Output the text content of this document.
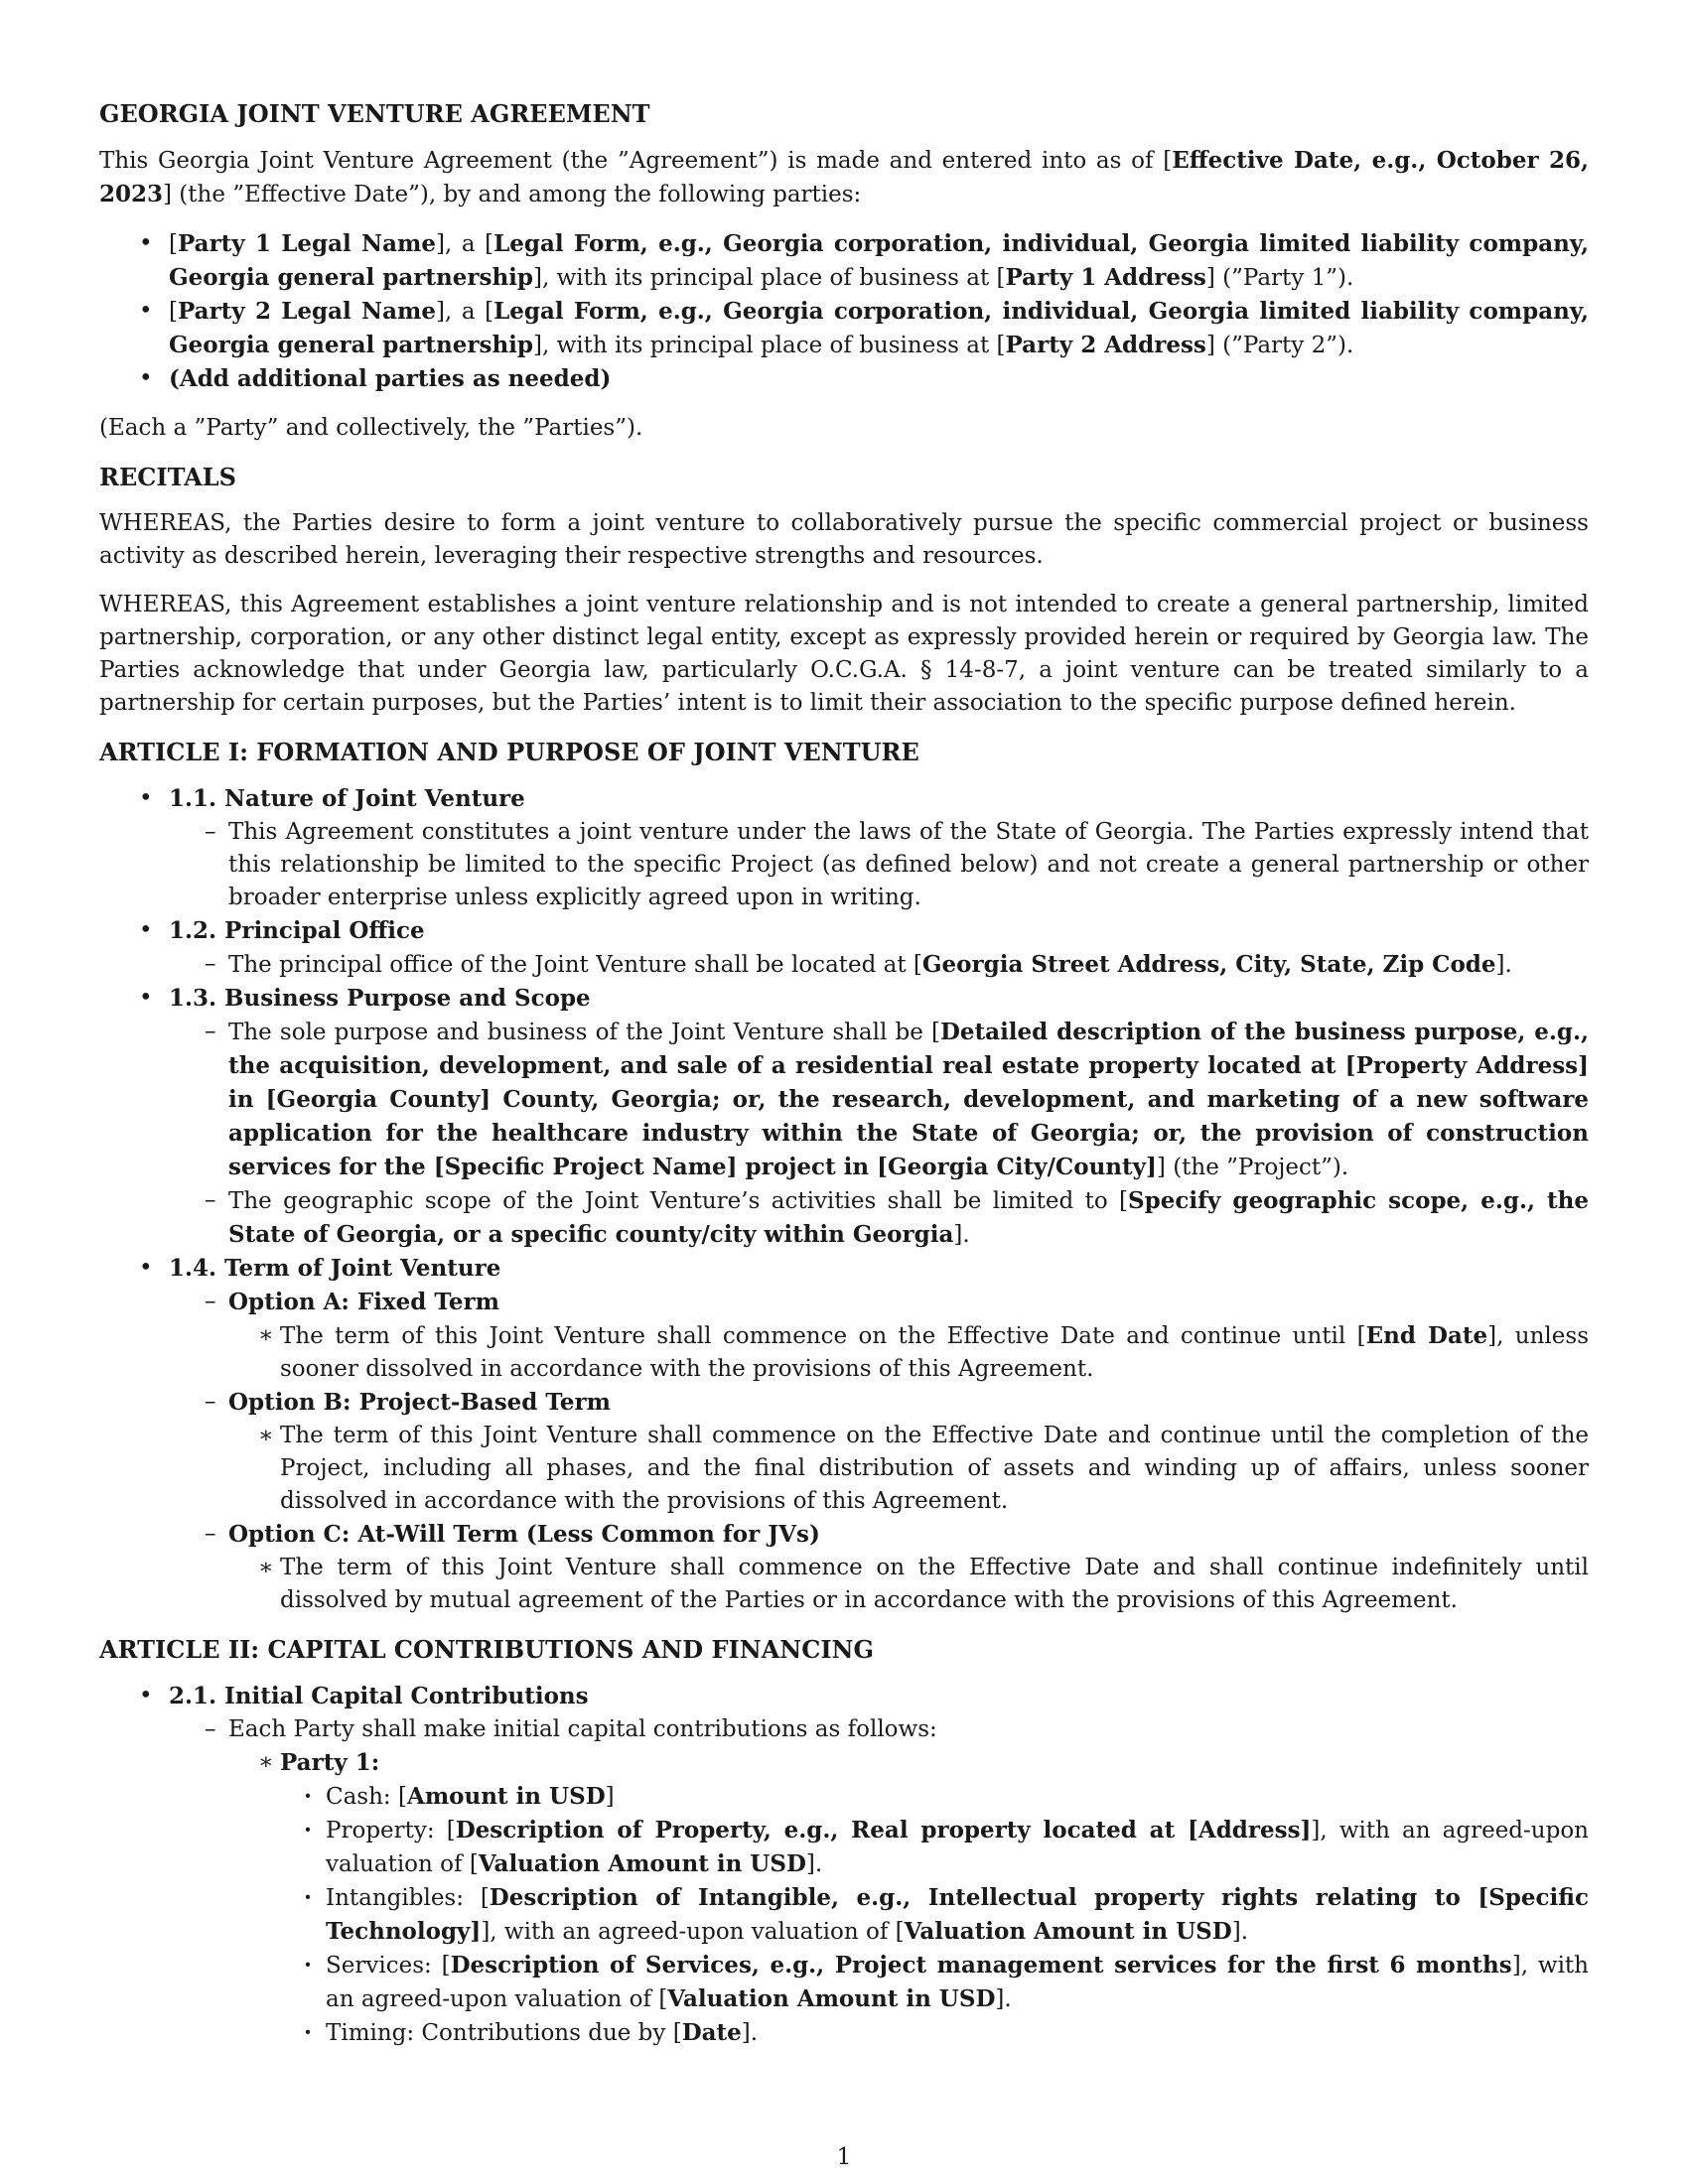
GEORGIA JOINT VENTURE AGREEMENT

This Georgia Joint Venture Agreement (the ”Agreement”) is made and entered into as of [Effective Date, e.g., October 26, 2023] (the ”Effective Date”), by and among the following parties:

• [Party 1 Legal Name], a [Legal Form, e.g., Georgia corporation, individual, Georgia limited liability company, Georgia general partnership], with its principal place of business at [Party 1 Address] (”Party 1”).
• [Party 2 Legal Name], a [Legal Form, e.g., Georgia corporation, individual, Georgia limited liability company, Georgia general partnership], with its principal place of business at [Party 2 Address] (”Party 2”).
• (Add additional parties as needed)

(Each a ”Party” and collectively, the ”Parties”).

RECITALS

WHEREAS, the Parties desire to form a joint venture to collaboratively pursue the specific commercial project or business activity as described herein, leveraging their respective strengths and resources.

WHEREAS, this Agreement establishes a joint venture relationship and is not intended to create a general partnership, limited partnership, corporation, or any other distinct legal entity, except as expressly provided herein or required by Georgia law. The Parties acknowledge that under Georgia law, particularly O.C.G.A. § 14-8-7, a joint venture can be treated similarly to a partnership for certain purposes, but the Parties’ intent is to limit their association to the specific purpose defined herein.

ARTICLE I: FORMATION AND PURPOSE OF JOINT VENTURE
• 1.1. Nature of Joint Venture
– This Agreement constitutes a joint venture under the laws of the State of Georgia. The Parties expressly intend that this relationship be limited to the specific Project (as defined below) and not create a general partnership or other broader enterprise unless explicitly agreed upon in writing.
• 1.2. Principal Office
– The principal office of the Joint Venture shall be located at [Georgia Street Address, City, State, Zip Code].
• 1.3. Business Purpose and Scope
– The sole purpose and business of the Joint Venture shall be [Detailed description of the business purpose, e.g., the acquisition, development, and sale of a residential real estate property located at [Property Address] in [Georgia County] County, Georgia; or, the research, development, and marketing of a new software application for the healthcare industry within the State of Georgia; or, the provision of construction services for the [Specific Project Name] project in [Georgia City/County]] (the ”Project”).
– The geographic scope of the Joint Venture’s activities shall be limited to [Specify geographic scope, e.g., the State of Georgia, or a specific county/city within Georgia].
• 1.4. Term of Joint Venture
– Option A: Fixed Term
∗ The term of this Joint Venture shall commence on the Effective Date and continue until [End Date], unless sooner dissolved in accordance with the provisions of this Agreement.
– Option B: Project-Based Term
∗ The term of this Joint Venture shall commence on the Effective Date and continue until the completion of the Project, including all phases, and the final distribution of assets and winding up of affairs, unless sooner dissolved in accordance with the provisions of this Agreement.
– Option C: At-Will Term (Less Common for JVs)
∗ The term of this Joint Venture shall commence on the Effective Date and shall continue indefinitely until dissolved by mutual agreement of the Parties or in accordance with the provisions of this Agreement.
ARTICLE II: CAPITAL CONTRIBUTIONS AND FINANCING
• 2.1. Initial Capital Contributions
– Each Party shall make initial capital contributions as follows:
∗ Party 1:
· Cash: [Amount in USD]
· Property: [Description of Property, e.g., Real property located at [Address]], with an agreed-upon valuation of [Valuation Amount in USD].
· Intangibles: [Description of Intangible, e.g., Intellectual property rights relating to [Specific Technology]], with an agreed-upon valuation of [Valuation Amount in USD].
· Services: [Description of Services, e.g., Project management services for the first 6 months], with an agreed-upon valuation of [Valuation Amount in USD].
· Timing: Contributions due by [Date].
1
